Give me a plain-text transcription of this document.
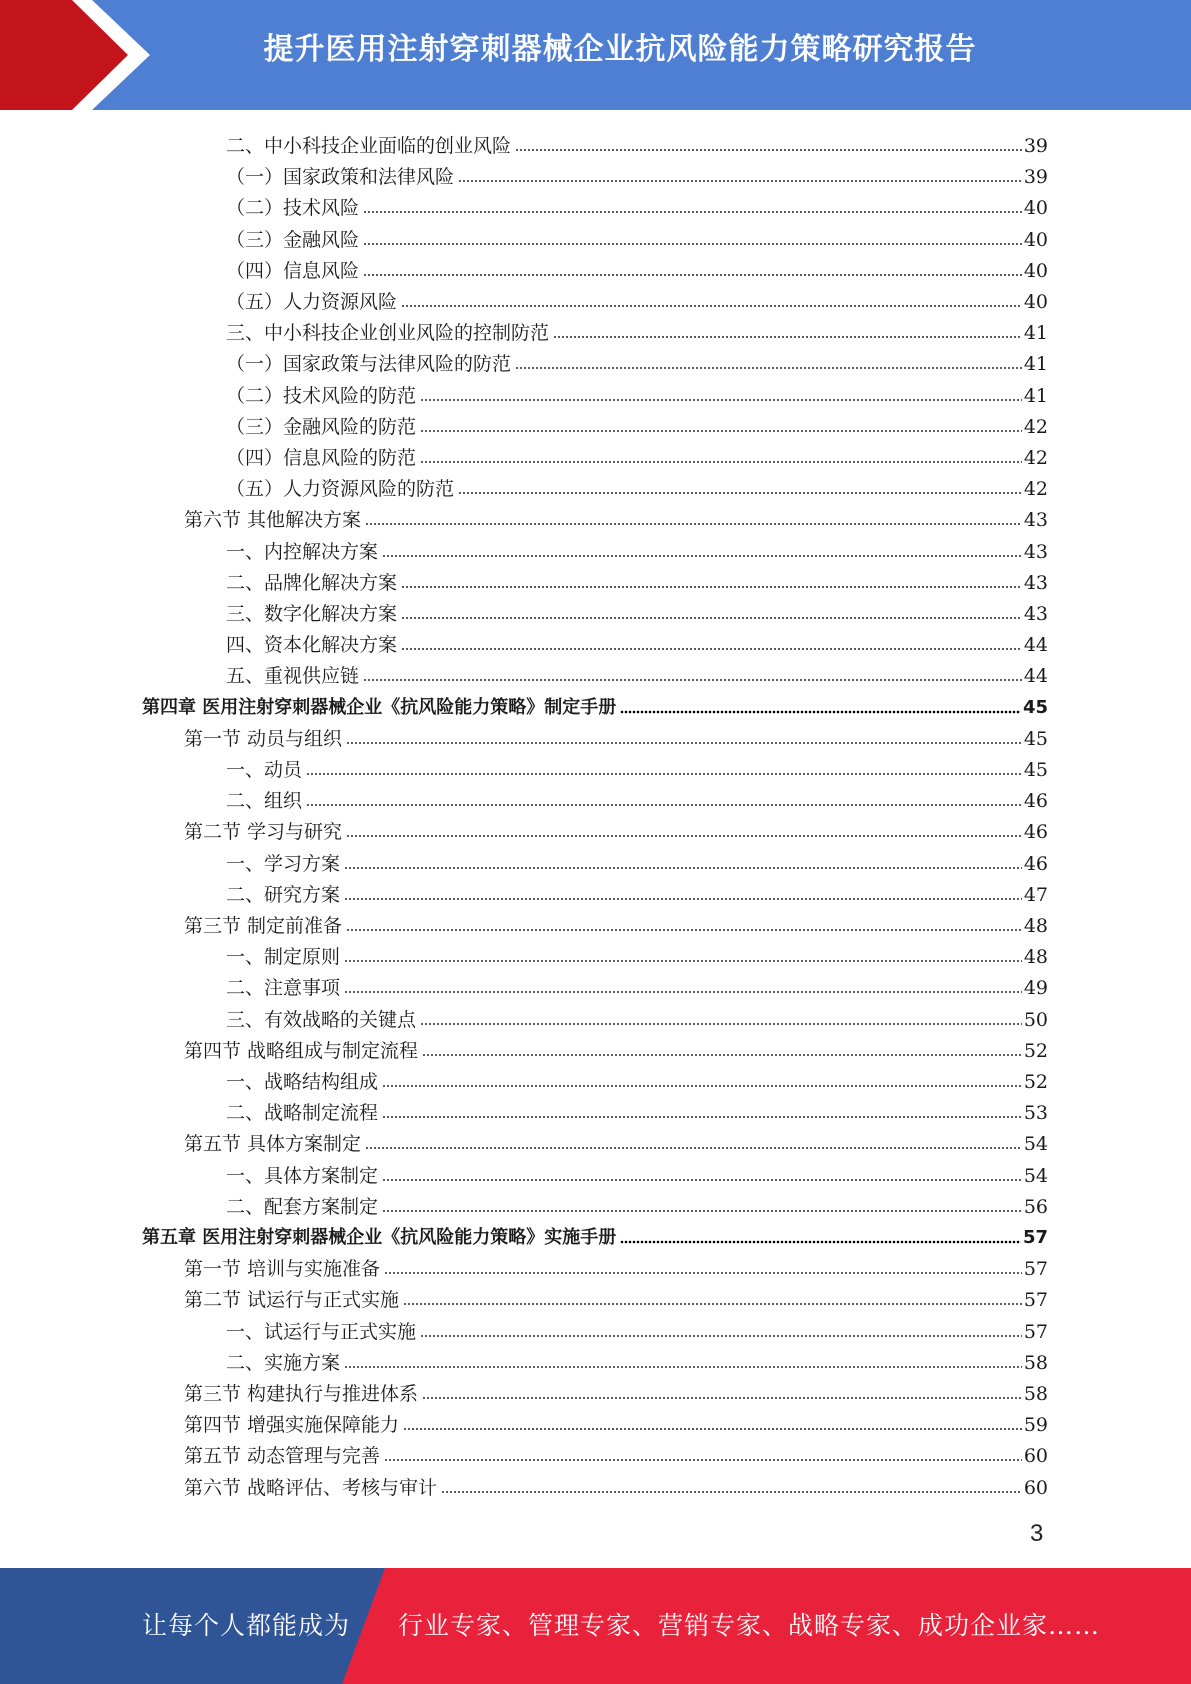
提升医用注射穿刺器械企业抗风险能力策略研究报告
二、中小科技企业面临的创业风险	39
（一）国家政策和法律风险	39
（二）技术风险	40
（三）金融风险	40
（四）信息风险	40
（五）人力资源风险	40
三、中小科技企业创业风险的控制防范	41
（一）国家政策与法律风险的防范	41
（二）技术风险的防范	41
（三）金融风险的防范	42
（四）信息风险的防范	42
（五）人力资源风险的防范	42
第六节 其他解决方案	43
一、内控解决方案	43
二、品牌化解决方案	43
三、数字化解决方案	43
四、资本化解决方案	44
五、重视供应链	44
第四章 医用注射穿刺器械企业《抗风险能力策略》制定手册	45
第一节 动员与组织	45
一、动员	45
二、组织	46
第二节 学习与研究	46
一、学习方案	46
二、研究方案	47
第三节 制定前准备	48
一、制定原则	48
二、注意事项	49
三、有效战略的关键点	50
第四节 战略组成与制定流程	52
一、战略结构组成	52
二、战略制定流程	53
第五节 具体方案制定	54
一、具体方案制定	54
二、配套方案制定	56
第五章 医用注射穿刺器械企业《抗风险能力策略》实施手册	57
第一节 培训与实施准备	57
第二节 试运行与正式实施	57
一、试运行与正式实施	57
二、实施方案	58
第三节 构建执行与推进体系	58
第四节 增强实施保障能力	59
第五节 动态管理与完善	60
第六节 战略评估、考核与审计	60
3
让每个人都能成为 行业专家、管理专家、营销专家、战略专家、成功企业家……
